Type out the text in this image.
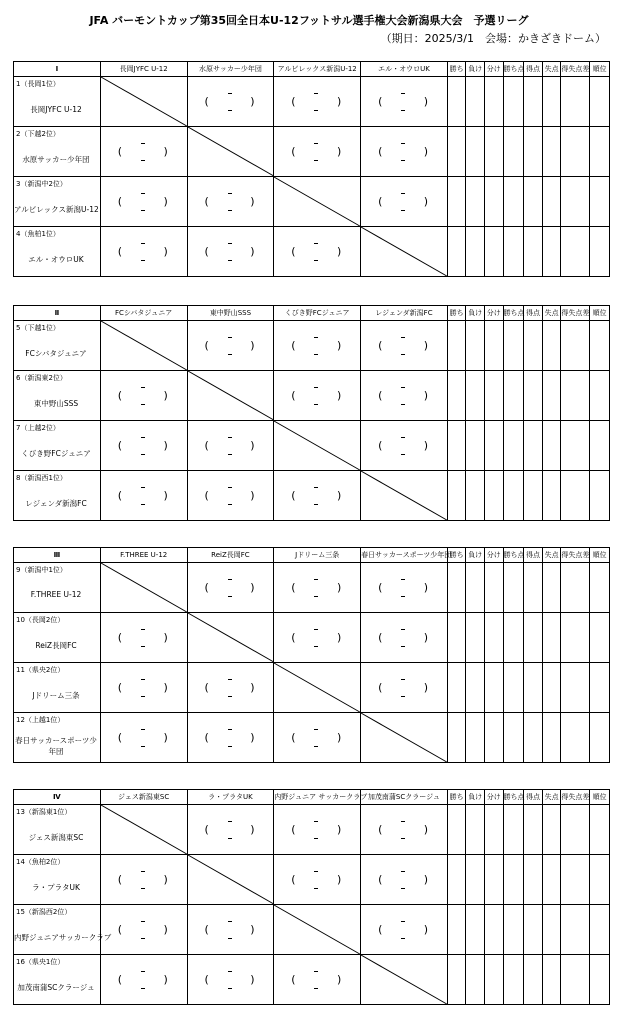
JFA バーモントカップ第35回全日本U-12フットサル選手権大会新潟県大会　予選リーグ
（期日：2025/3/1　会場：かきざきドーム）
Ⅰ	長岡JYFC U-12	水原サッカー少年団	アルビレックス新潟U-12	エル・オウロUK	勝ち	負け	分け	勝ち点	得点	失点	得失点差	順位

1（長岡1位）
長岡JYFC U-12		( )	( )	( )								

2（下越2位）
水原サッカー少年団	( )		( )	( )								

3（新潟中2位）
アルビレックス新潟U-12	( )	( )		( )								

4（魚柏1位）
エル・オウロUK	( )	( )	( )

Ⅱ	FCシバタジュニア	東中野山SSS	くびき野FCジュニア	レジェンダ新潟FC	勝ち	負け	分け	勝ち点	得点	失点	得失点差	順位

5（下越1位）
FCシバタジュニア		( )	( )	( )								

6（新潟東2位）
東中野山SSS	( )		( )	( )								

7（上越2位）
くびき野FCジュニア	( )	( )		( )								

8（新潟西1位）
レジェンダ新潟FC	( )	( )	( )

Ⅲ	F.THREE U-12	ReiZ長岡FC	Jドリーム三条	春日サッカースポーツ少年団	勝ち	負け	分け	勝ち点	得点	失点	得失点差	順位

9（新潟中1位）
F.THREE U-12		( )	( )	( )								

10（長岡2位）
ReiZ長岡FC	( )		( )	( )								

11（県央2位）
Jドリーム三条	( )	( )		( )								

12（上越1位）
春日サッカースポーツ少年団	( )	( )	( )

Ⅳ	ジェス新潟東SC	ラ・プラタUK	内野ジュニア サッカークラブ	加茂南蒲SCクラージュ	勝ち	負け	分け	勝ち点	得点	失点	得失点差	順位

13（新潟東1位）
ジェス新潟東SC		( )	( )	( )								

14（魚柏2位）
ラ・プラタUK	( )		( )	( )								

15（新潟西2位）
内野ジュニアサッカークラブ	( )	( )		( )								

16（県央1位）
加茂南蒲SCクラージュ	( )	( )	( )
